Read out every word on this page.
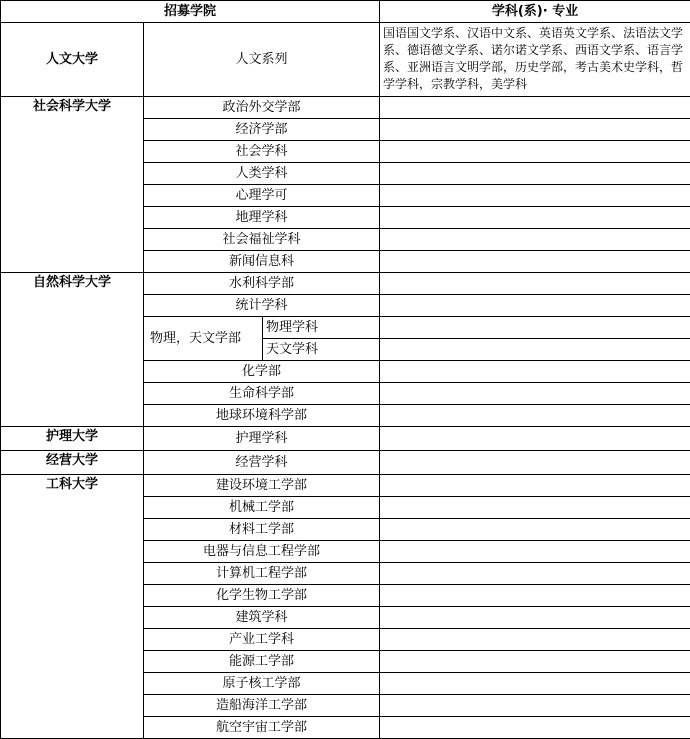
招募学院			学科(系)· 专业
人文大学	人文系列		国语国文学系、汉语中文系、英语英文学系、法语法文学系、德语德文学系、诺尔诺文学系、西语文学系、语言学系、亚洲语言文明学部，历史学部，考古美术史学科，哲学学科，宗教学科，美学科
社会科学大学	政治外交学部		
	经济学部		
	社会学科		
	人类学科		
	心理学可		
	地理学科		
	社会福祉学科		
	新闻信息科		
自然科学大学	水利科学部		
	统计学科		
	物理，天文学部	物理学科	
		天文学科	
	化学部		
	生命科学部		
	地球环境科学部		
护理大学	护理学科		
经营大学	经营学科		
工科大学	建设环境工学部		
	机械工学部		
	材料工学部		
	电器与信息工程学部		
	计算机工程学部		
	化学生物工学部		
	建筑学科		
	产业工学科		
	能源工学部		
	原子核工学部		
	造船海洋工学部		
	航空宇宙工学部		
